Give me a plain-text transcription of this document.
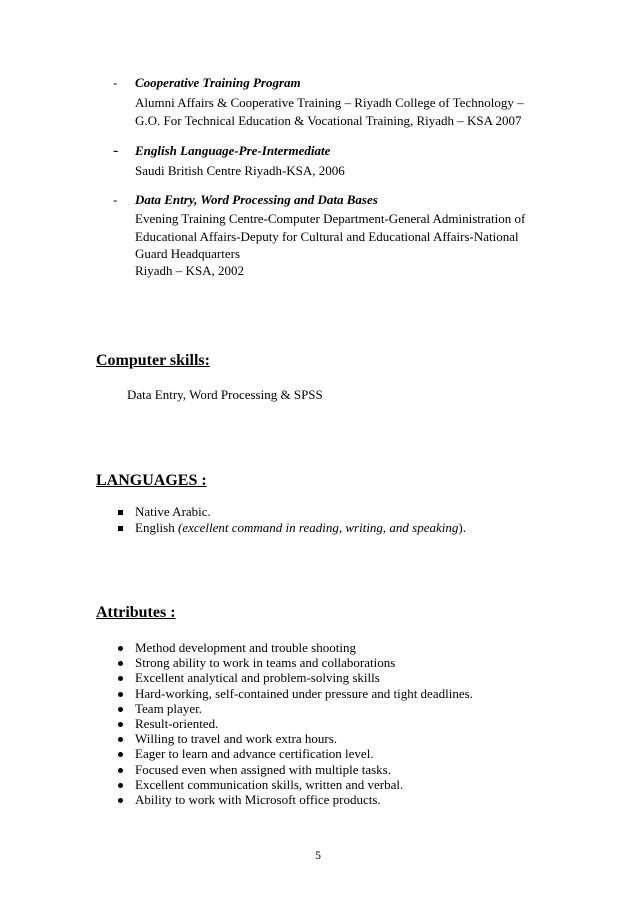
- Cooperative Training Program
Alumni Affairs & Cooperative Training – Riyadh College of Technology –
G.O. For Technical Education & Vocational Training, Riyadh – KSA 2007
- English Language-Pre-Intermediate
Saudi British Centre Riyadh-KSA, 2006
- Data Entry, Word Processing and Data Bases
Evening Training Centre-Computer Department-General Administration of
Educational Affairs-Deputy for Cultural and Educational Affairs-National
Guard Headquarters
Riyadh – KSA, 2002
Computer skills:
Data Entry, Word Processing & SPSS
LANGUAGES :
Native Arabic.
English (excellent command in reading, writing, and speaking).
Attributes :
Method development and trouble shooting
Strong ability to work in teams and collaborations
Excellent analytical and problem-solving skills
Hard-working, self-contained under pressure and tight deadlines.
Team player.
Result-oriented.
Willing to travel and work extra hours.
Eager to learn and advance certification level.
Focused even when assigned with multiple tasks.
Excellent communication skills, written and verbal.
Ability to work with Microsoft office products.
5
